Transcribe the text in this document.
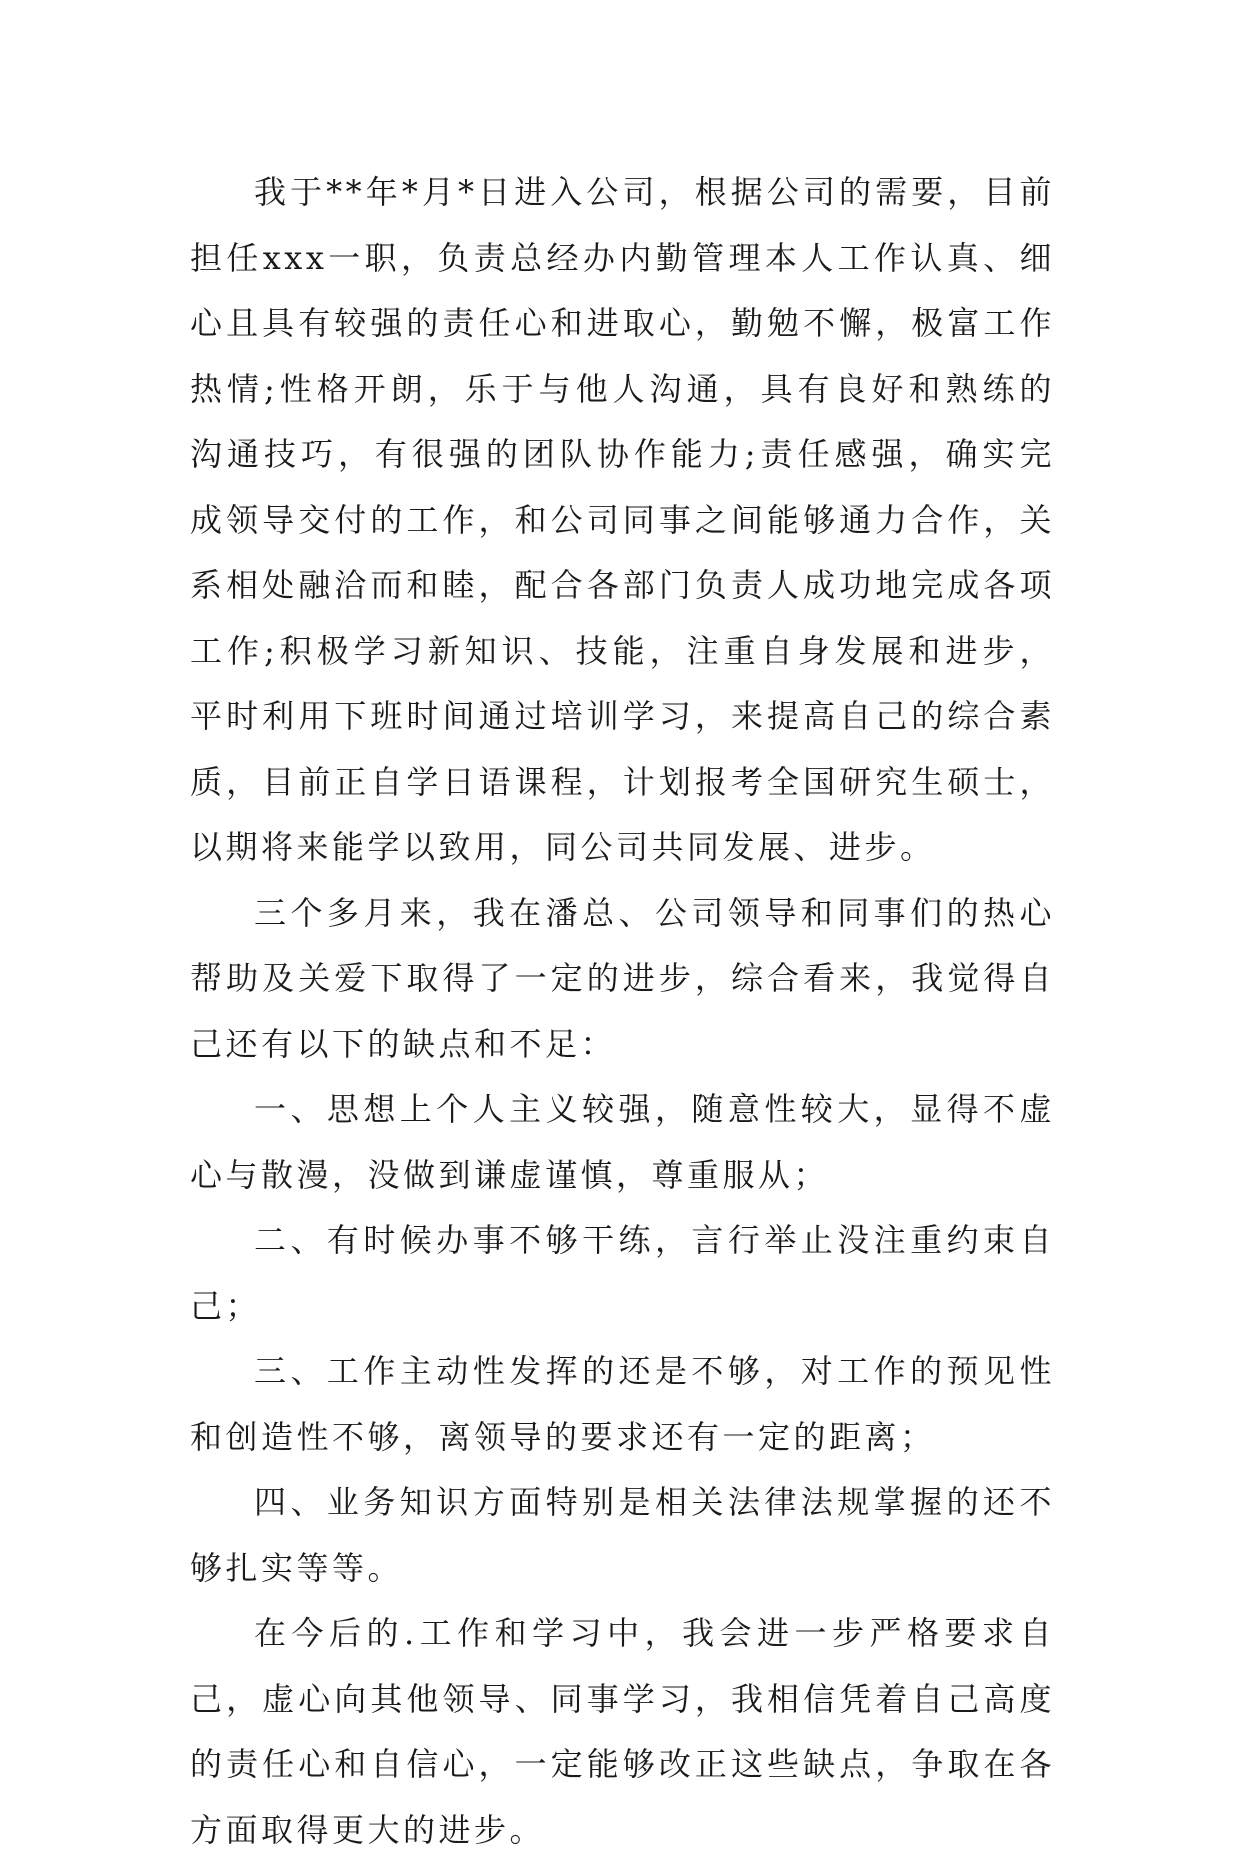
我于**年*月*日进入公司，根据公司的需要，目前担任xxx一职，负责总经办内勤管理本人工作认真、细心且具有较强的责任心和进取心，勤勉不懈，极富工作热情;性格开朗，乐于与他人沟通，具有良好和熟练的沟通技巧，有很强的团队协作能力;责任感强，确实完成领导交付的工作，和公司同事之间能够通力合作，关系相处融洽而和睦，配合各部门负责人成功地完成各项工作;积极学习新知识、技能，注重自身发展和进步，平时利用下班时间通过培训学习，来提高自己的综合素质，目前正自学日语课程，计划报考全国研究生硕士，以期将来能学以致用，同公司共同发展、进步。

三个多月来，我在潘总、公司领导和同事们的热心帮助及关爱下取得了一定的进步，综合看来，我觉得自己还有以下的缺点和不足：

一、思想上个人主义较强，随意性较大，显得不虚心与散漫，没做到谦虚谨慎，尊重服从；

二、有时候办事不够干练，言行举止没注重约束自己；

三、工作主动性发挥的还是不够，对工作的预见性和创造性不够，离领导的要求还有一定的距离；

四、业务知识方面特别是相关法律法规掌握的还不够扎实等等。

在今后的.工作和学习中，我会进一步严格要求自己，虚心向其他领导、同事学习，我相信凭着自己高度的责任心和自信心，一定能够改正这些缺点，争取在各方面取得更大的进步。
